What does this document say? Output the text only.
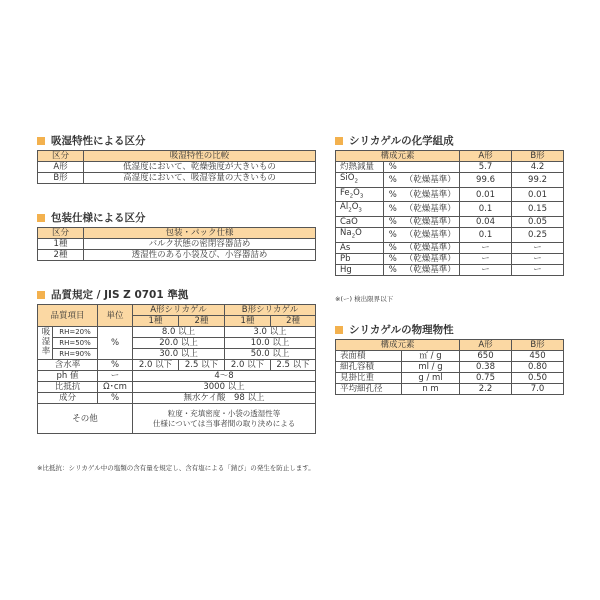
吸湿特性による区分
区分	吸湿特性の比較
A形	低湿度において、乾燥強度が大きいもの
B形	高湿度において、吸湿容量の大きいもの
包装仕様による区分
区分	包装・パック仕様
1種	バルク状態の密閉容器詰め
2種	透湿性のある小袋及び、小容器詰め
品質規定 / JIS Z 0701 準拠
品質項目		単位	A形シリカゲル		B形シリカゲル	
			1種	2種	1種	2種
吸湿率	RH=20%	%	8.0 以上		3.0 以上	
	RH=50%		20.0 以上		10.0 以上	
	RH=90%		30.0 以上		50.0 以上	
含水率		%	2.0 以下	2.5 以下	2.0 以下	2.5 以下
ph 値		ー	4～8			
比抵抗		Ω･cm	3000 以上			
成分		%	無水ケイ酸　98 以上			
その他			粒度・充填密度・小袋の透湿性等
仕様については当事者間の取り決めによる			
※比抵抗：シリカゲル中の塩類の含有量を規定し、含有塩による「錆び」の発生を防止します。
シリカゲルの化学組成
構成元素			A形	B形
灼熱減量	%		5.7	4.2
SiO$_2$	%	（乾燥基準）	99.6	99.2
$Fe_2O_3$	%	（乾燥基準）	0.01	0.01
$Al_2O_3$	%	（乾燥基準）	0.1	0.15
CaO	%	（乾燥基準）	0.04	0.05
$Na_2O$	%	（乾燥基準）	0.1	0.25
As	%	（乾燥基準）	ー	ー
Pb	%	（乾燥基準）	ー	ー
Hg	%	（乾燥基準）	ー	ー
※(ー) 検出限界以下
シリカゲルの物理物性
構成元素		A形	B形
表面積	㎡ / g	650	450
細孔容積	ml / g	0.38	0.80
見掛比重	g / ml	0.75	0.50
平均細孔径	n m	2.2	7.0
